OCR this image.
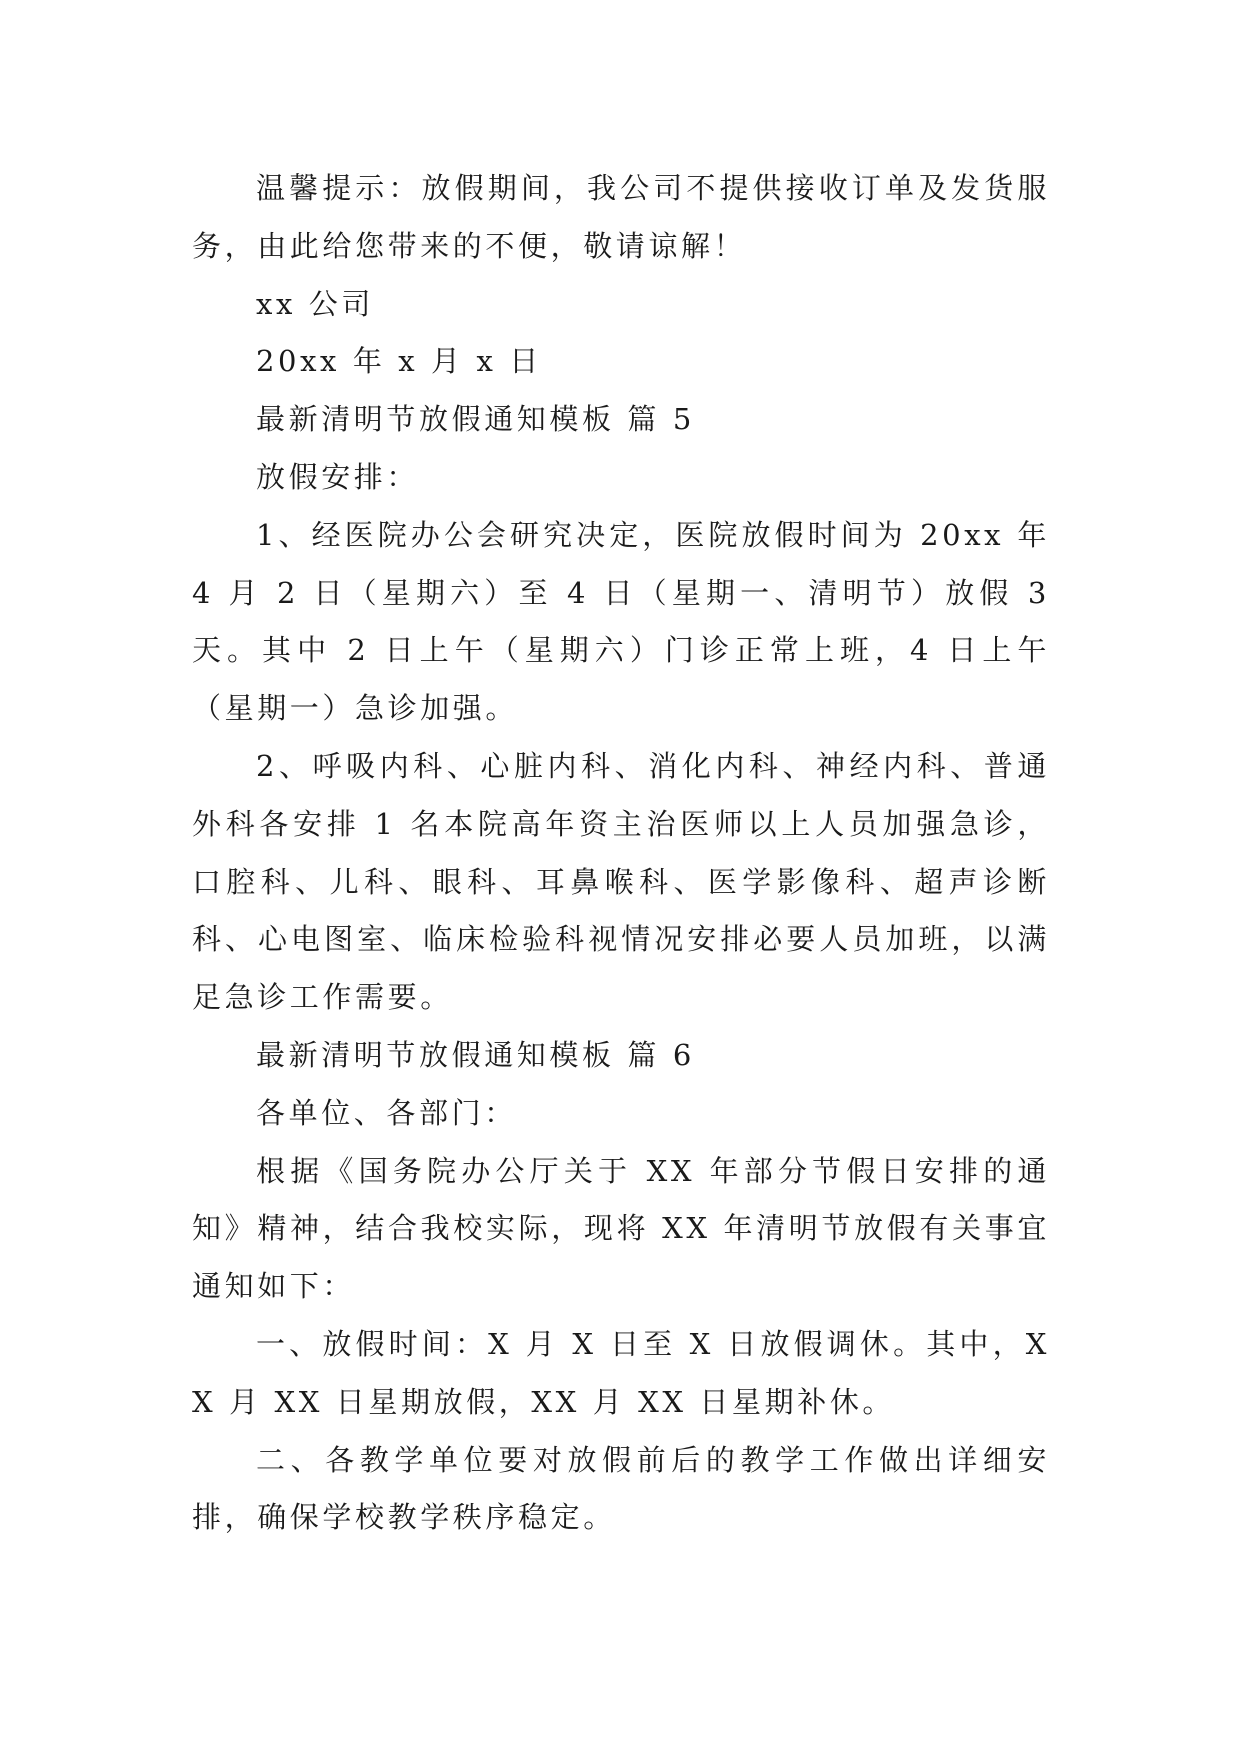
温馨提示：放假期间，我公司不提供接收订单及发货服务，由此给您带来的不便，敬请谅解！

xx 公司

20xx 年 x 月 x 日

最新清明节放假通知模板 篇 5

放假安排：

1、经医院办公会研究决定，医院放假时间为 20xx 年 4 月 2 日（星期六）至 4 日（星期一、清明节）放假 3 天。其中 2 日上午（星期六）门诊正常上班，4 日上午（星期一）急诊加强。

2、呼吸内科、心脏内科、消化内科、神经内科、普通外科各安排 1 名本院高年资主治医师以上人员加强急诊，口腔科、儿科、眼科、耳鼻喉科、医学影像科、超声诊断科、心电图室、临床检验科视情况安排必要人员加班，以满足急诊工作需要。

最新清明节放假通知模板 篇 6

各单位、各部门：

根据《国务院办公厅关于 XX 年部分节假日安排的通知》精神，结合我校实际，现将 XX 年清明节放假有关事宜通知如下：

一、放假时间：X 月 X 日至 X 日放假调休。其中，XX 月 XX 日星期放假，XX 月 XX 日星期补休。

二、各教学单位要对放假前后的教学工作做出详细安排，确保学校教学秩序稳定。
